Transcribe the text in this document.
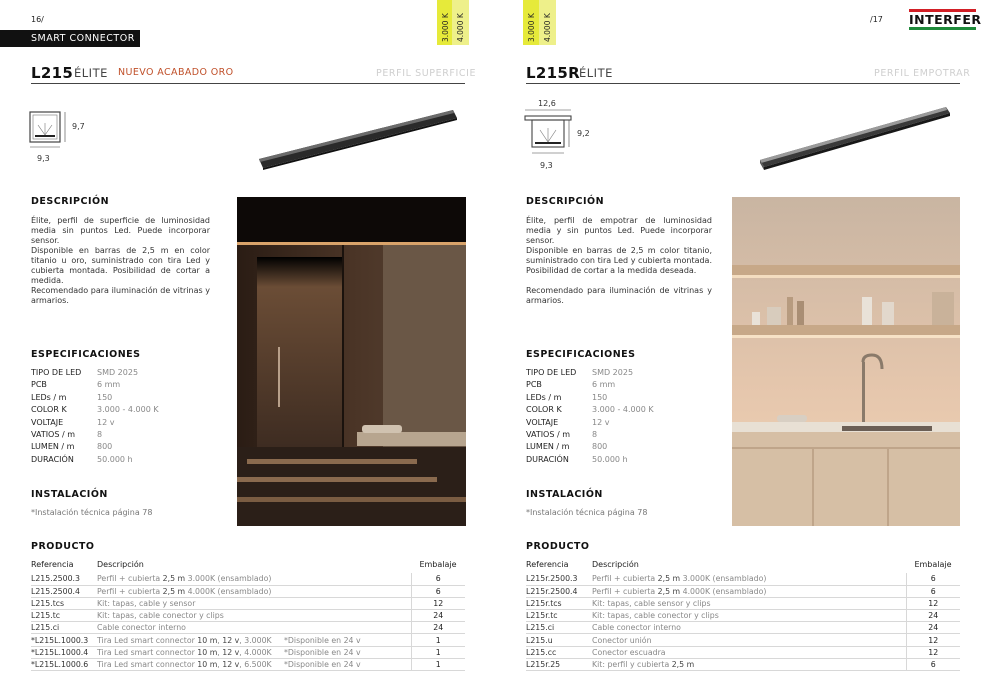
16/
SMART CONNECTOR	3.000 K 4.000 K
L215 ÉLITE NUEVO ACABADO ORO	PERFIL SUPERFICIE
9,7
9,3
DESCRIPCIÓN
Élite, perfil de superficie de luminosidad media sin puntos Led. Puede incorporar sensor.
Disponible en barras de 2,5 m en color titanio u oro, suministrado con tira Led y cubierta montada. Posibilidad de cortar a medida.
Recomendado para iluminación de vitrinas y armarios.
ESPECIFICACIONES
TIPO DE LED	SMD 2025
PCB	6 mm
LEDs / m	150
COLOR K	3.000 - 4.000 K
VOLTAJE	12 v
VATIOS / m	8
LUMEN / m	800
DURACIÓN	50.000 h
INSTALACIÓN
*Instalación técnica página 78
PRODUCTO
Referencia	Descripción		Embalaje
L215.2500.3	Perfil + cubierta 2,5 m 3.000K (ensamblado)		6
L215.2500.4	Perfil + cubierta 2,5 m 4.000K (ensamblado)		6
L215.tcs	Kit: tapas, cable y sensor		12
L215.tc	Kit: tapas, cable conector y clips		24
L215.ci	Cable conector interno		24
*L215L.1000.3	Tira Led smart connector 10 m, 12 v, 3.000K	*Disponible en 24 v	1
*L215L.1000.4	Tira Led smart connector 10 m, 12 v, 4.000K	*Disponible en 24 v	1
*L215L.1000.6	Tira Led smart connector 10 m, 12 v, 6.500K	*Disponible en 24 v	1
3.000 K 4.000 K	/17 INTERFER
L215R ÉLITE	PERFIL EMPOTRAR
12,6
9,2
9,3
DESCRIPCIÓN
Élite, perfil de empotrar de luminosidad media y sin puntos Led. Puede incorporar sensor.
Disponible en barras de 2,5 m color titanio, suministrado con tira Led y cubierta montada. Posibilidad de cortar a la medida deseada.
Recomendado para iluminación de vitrinas y armarios.
ESPECIFICACIONES
TIPO DE LED	SMD 2025
PCB	6 mm
LEDs / m	150
COLOR K	3.000 - 4.000 K
VOLTAJE	12 v
VATIOS / m	8
LUMEN / m	800
DURACIÓN	50.000 h
INSTALACIÓN
*Instalación técnica página 78
PRODUCTO
Referencia	Descripción		Embalaje
L215r.2500.3	Perfil + cubierta 2,5 m 3.000K (ensamblado)		6
L215r.2500.4	Perfil + cubierta 2,5 m 4.000K (ensamblado)		6
L215r.tcs	Kit: tapas, cable sensor y clips		12
L215r.tc	Kit: tapas, cable conector y clips		24
L215.ci	Cable conector interno		24
L215.u	Conector unión		12
L215.cc	Conector escuadra		12
L215r.25	Kit: perfil y cubierta 2,5 m		6
